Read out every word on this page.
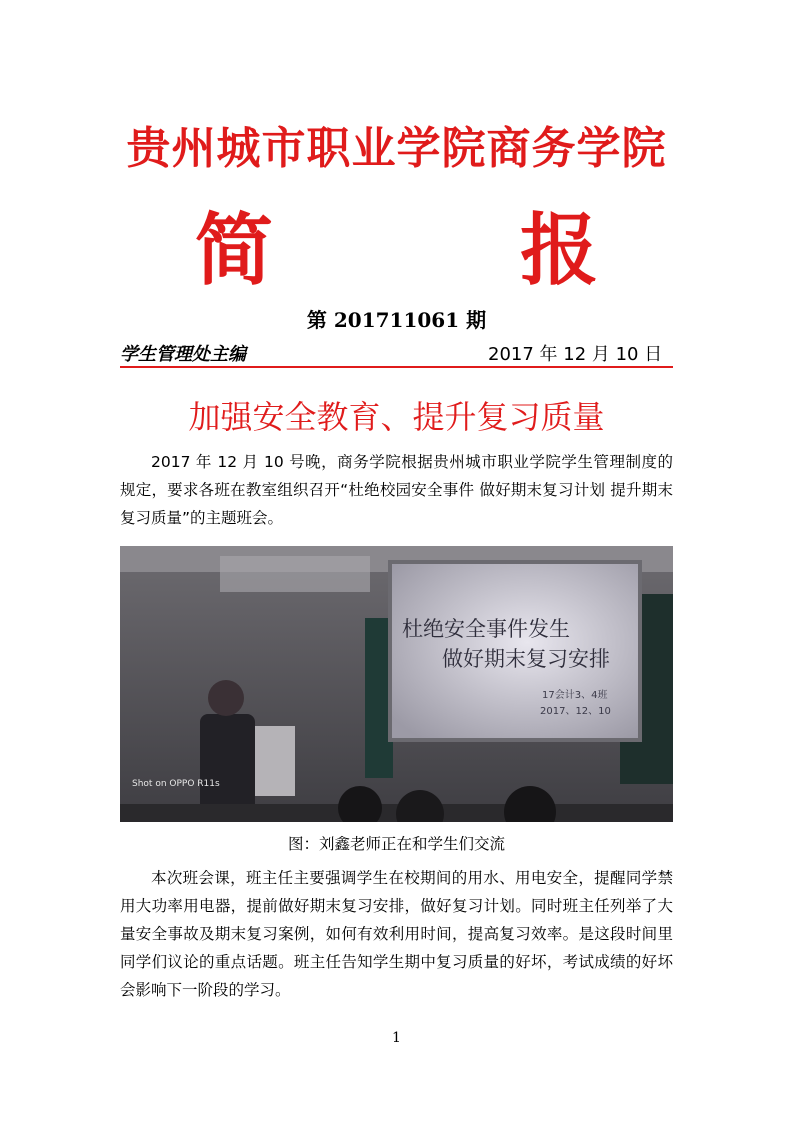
贵州城市职业学院商务学院
简 报
第 201711061 期
学生管理处主编	2017 年 12 月 10 日
加强安全教育、提升复习质量
2017 年 12 月 10 号晚，商务学院根据贵州城市职业学院学生管理制度的规定，要求各班在教室组织召开“杜绝校园安全事件 做好期末复习计划 提升期末复习质量”的主题班会。
杜绝安全事件发生
做好期末复习安排
17会计3、4班
2017、12、10
Shot on OPPO R11s
图：刘鑫老师正在和学生们交流
本次班会课，班主任主要强调学生在校期间的用水、用电安全，提醒同学禁用大功率用电器，提前做好期末复习安排，做好复习计划。同时班主任列举了大量安全事故及期末复习案例，如何有效利用时间，提高复习效率。是这段时间里同学们议论的重点话题。班主任告知学生期中复习质量的好坏，考试成绩的好坏会影响下一阶段的学习。
1
